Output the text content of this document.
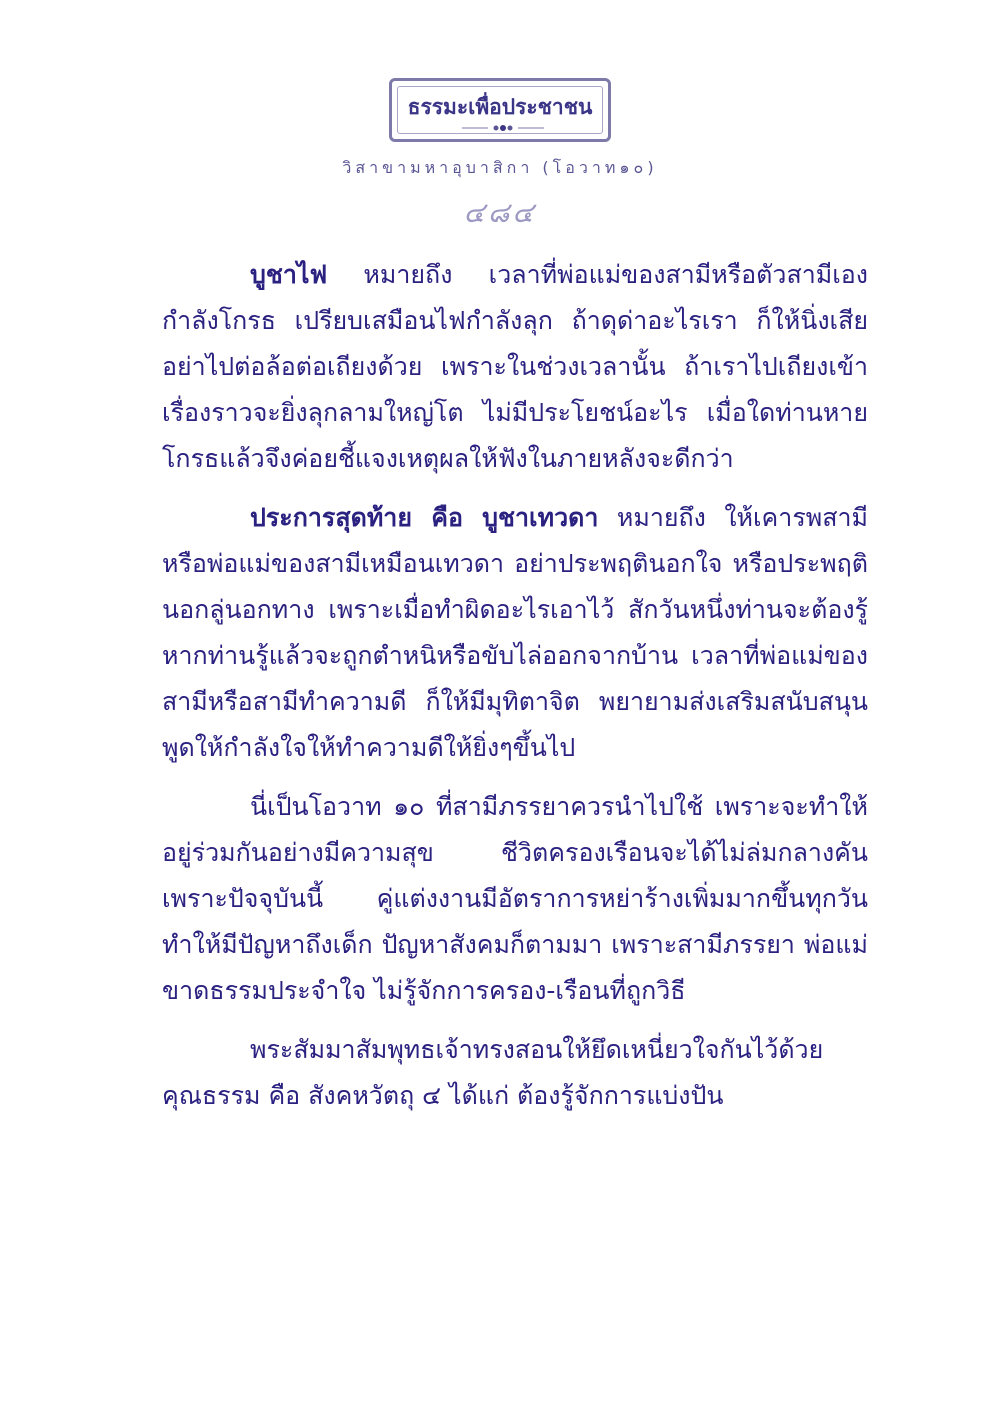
ธรรมะเพื่อประชาชน
วิสาขามหาอุบาสิกา (โอวาท๑๐)
๔๘๔

บูชาไฟ หมายถึง เวลาที่พ่อแม่ของสามีหรือตัวสามีเองกำลังโกรธ เปรียบเสมือนไฟกำลังลุก ถ้าดุด่าอะไรเรา ก็ให้นิ่งเสีย อย่าไปต่อล้อต่อเถียงด้วย เพราะในช่วงเวลานั้น ถ้าเราไปเถียงเข้า เรื่องราวจะยิ่งลุกลามใหญ่โต ไม่มีประโยชน์อะไร เมื่อใดท่านหายโกรธแล้วจึงค่อยชี้แจงเหตุผลให้ฟังในภายหลังจะดีกว่า

ประการสุดท้าย คือ บูชาเทวดา หมายถึง ให้เคารพสามีหรือพ่อแม่ของสามีเหมือนเทวดา อย่าประพฤตินอกใจ หรือประพฤตินอกลู่นอกทาง เพราะเมื่อทำผิดอะไรเอาไว้ สักวันหนึ่งท่านจะต้องรู้ หากท่านรู้แล้วจะถูกตำหนิหรือขับไล่ออกจากบ้าน เวลาที่พ่อแม่ของสามีหรือสามีทำความดี ก็ให้มีมุทิตาจิต พยายามส่งเสริมสนับสนุน พูดให้กำลังใจให้ทำความดีให้ยิ่งๆขึ้นไป

นี่เป็นโอวาท ๑๐ ที่สามีภรรยาควรนำไปใช้ เพราะจะทำให้อยู่ร่วมกันอย่างมีความสุข ชีวิตครองเรือนจะได้ไม่ล่มกลางคัน เพราะปัจจุบันนี้ คู่แต่งงานมีอัตราการหย่าร้างเพิ่มมากขึ้นทุกวัน ทำให้มีปัญหาถึงเด็ก ปัญหาสังคมก็ตามมา เพราะสามีภรรยา พ่อแม่ขาดธรรมประจำใจ ไม่รู้จักการครอง-เรือนที่ถูกวิธี

พระสัมมาสัมพุทธเจ้าทรงสอนให้ยึดเหนี่ยวใจกันไว้ด้วยคุณธรรม คือ สังคหวัตถุ ๔ ได้แก่ ต้องรู้จักการแบ่งปัน
